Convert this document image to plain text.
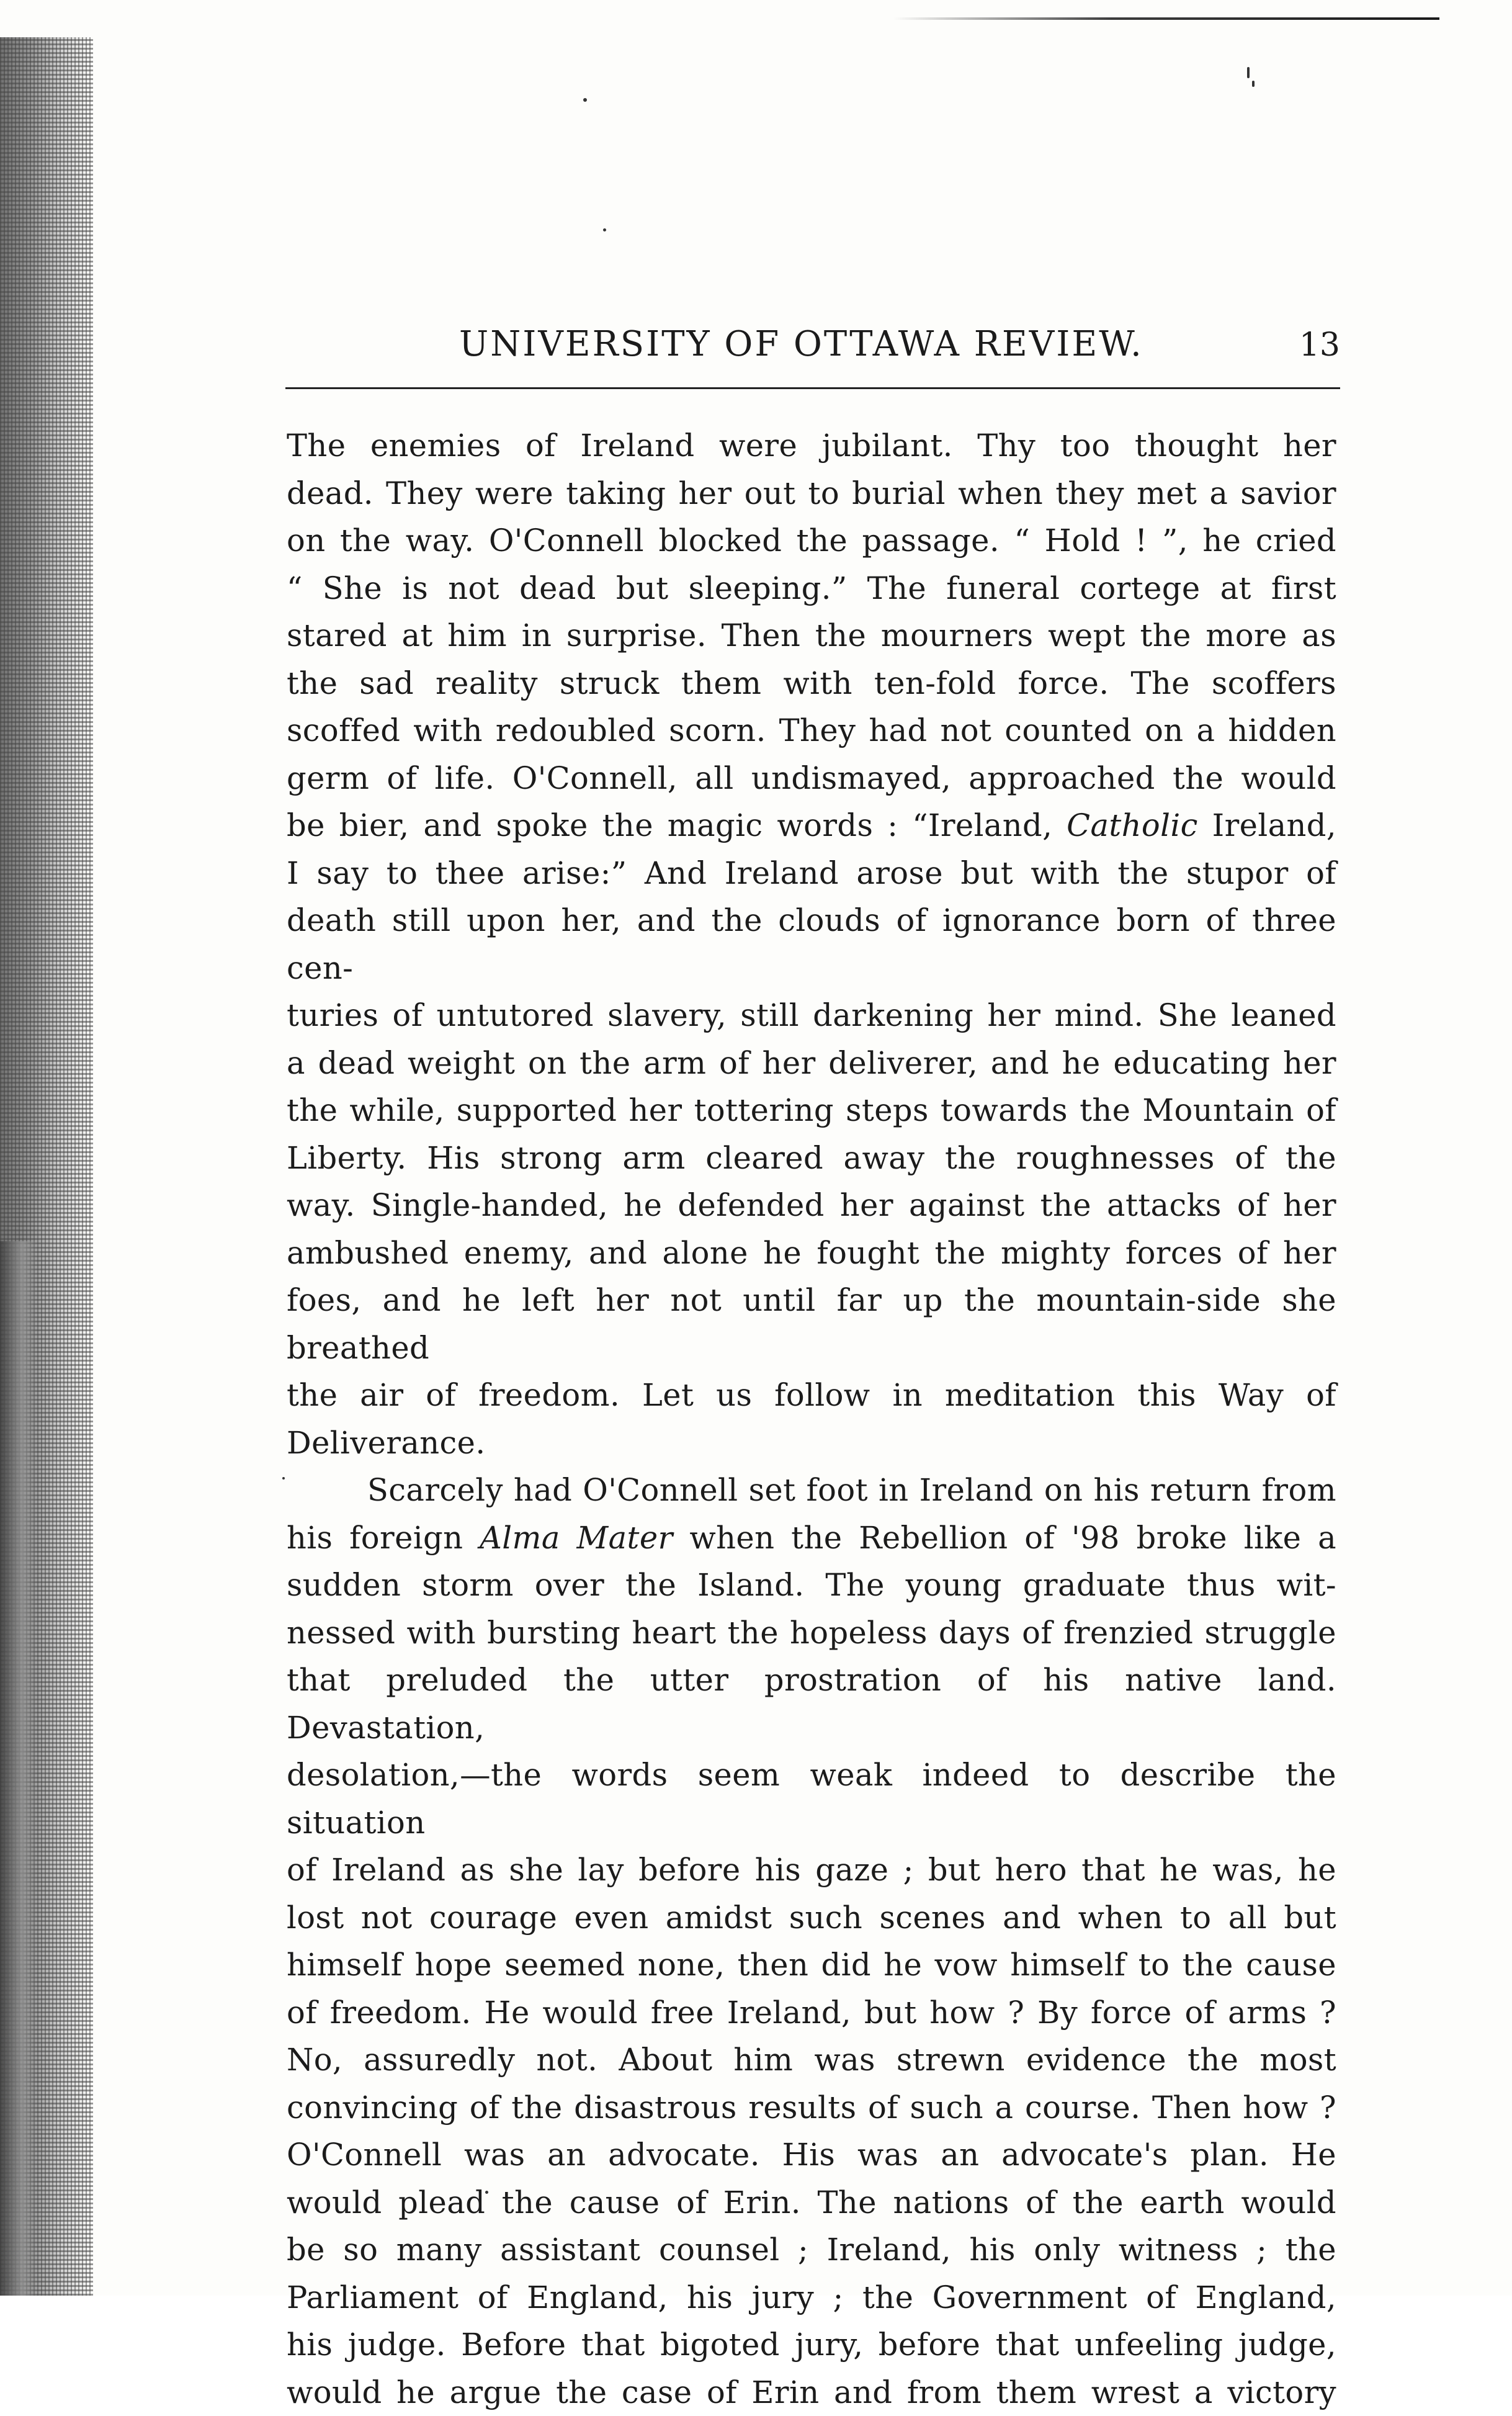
UNIVERSITY OF OTTAWA REVIEW.	13
The enemies of Ireland were jubilant. Thy too thought her
dead. They were taking her out to burial when they met a savior
on the way. O'Connell blocked the passage. “ Hold ! ”, he cried
“ She is not dead but sleeping.” The funeral cortege at first
stared at him in surprise. Then the mourners wept the more as
the sad reality struck them with ten-fold force. The scoffers
scoffed with redoubled scorn. They had not counted on a hidden
germ of life. O'Connell, all undismayed, approached the would
be bier, and spoke the magic words : “Ireland, Catholic Ireland,
I say to thee arise:” And Ireland arose but with the stupor of
death still upon her, and the clouds of ignorance born of three cen-
turies of untutored slavery, still darkening her mind. She leaned
a dead weight on the arm of her deliverer, and he educating her
the while, supported her tottering steps towards the Mountain of
Liberty. His strong arm cleared away the roughnesses of the
way. Single-handed, he defended her against the attacks of her
ambushed enemy, and alone he fought the mighty forces of her
foes, and he left her not until far up the mountain-side she breathed
the air of freedom. Let us follow in meditation this Way of
Deliverance.
Scarcely had O'Connell set foot in Ireland on his return from
his foreign Alma Mater when the Rebellion of '98 broke like a
sudden storm over the Island. The young graduate thus wit-
nessed with bursting heart the hopeless days of frenzied struggle
that preluded the utter prostration of his native land. Devastation,
desolation,—the words seem weak indeed to describe the situation
of Ireland as she lay before his gaze ; but hero that he was, he
lost not courage even amidst such scenes and when to all but
himself hope seemed none, then did he vow himself to the cause
of freedom. He would free Ireland, but how ? By force of arms ?
No, assuredly not. About him was strewn evidence the most
convincing of the disastrous results of such a course. Then how ?
O'Connell was an advocate. His was an advocate's plan. He
would plead the cause of Erin. The nations of the earth would
be so many assistant counsel ; Ireland, his only witness ; the
Parliament of England, his jury ; the Government of England,
his judge. Before that bigoted jury, before that unfeeling judge,
would he argue the case of Erin and from them wrest a victory
